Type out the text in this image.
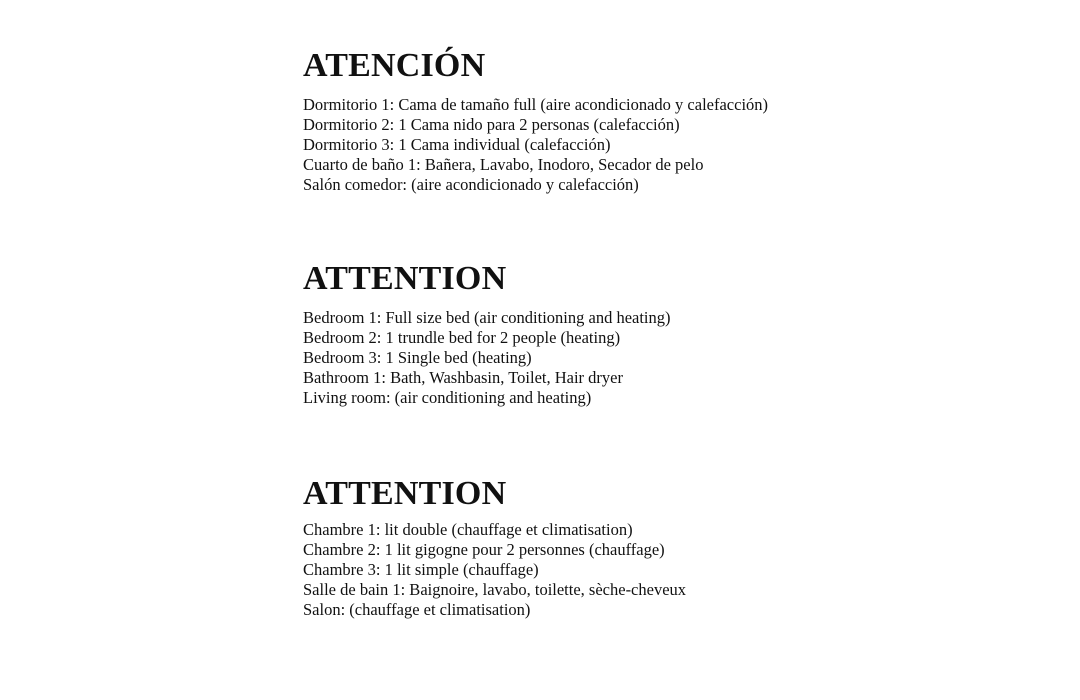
ATENCIÓN
Dormitorio 1: Cama de tamaño full (aire acondicionado y calefacción)
Dormitorio 2: 1 Cama nido para 2 personas (calefacción)
Dormitorio 3: 1 Cama individual (calefacción)
Cuarto de baño 1: Bañera, Lavabo, Inodoro, Secador de pelo
Salón comedor: (aire acondicionado y calefacción)
ATTENTION
Bedroom 1: Full size bed (air conditioning and heating)
Bedroom 2: 1 trundle bed for 2 people (heating)
Bedroom 3: 1 Single bed (heating)
Bathroom 1: Bath, Washbasin, Toilet, Hair dryer
Living room: (air conditioning and heating)
ATTENTION
Chambre 1: lit double (chauffage et climatisation)
Chambre 2: 1 lit gigogne pour 2 personnes (chauffage)
Chambre 3: 1 lit simple (chauffage)
Salle de bain 1: Baignoire, lavabo, toilette, sèche-cheveux
Salon: (chauffage et climatisation)
